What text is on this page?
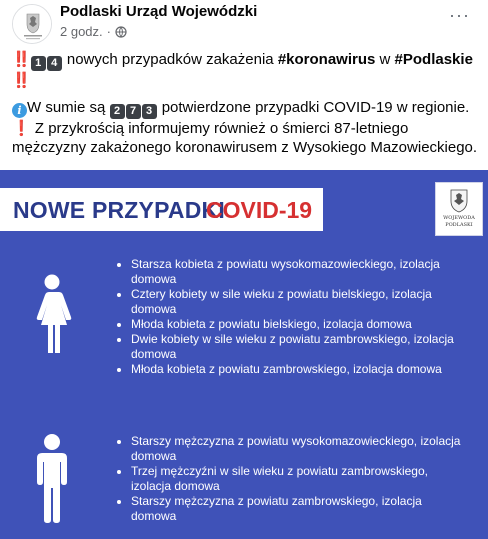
Podlaski Urząd Wojewódzki
2 godz. ·
···

‼️ 1 4 nowych przypadków zakażenia #koronawirus w #Podlaskie
‼️

i W sumie są 2 7 3 potwierdzone przypadki COVID-19 w regionie.
❗ Z przykrością informujemy również o śmierci 87-letniego mężczyzny zakażonego koronawirusem z Wysokiego Mazowieckiego.

NOWE PRZYPADKI
COVID-19	WOJEWODA
PODLASKI
Starsza kobieta z powiatu wysokomazowieckiego, izolacja domowa
Cztery kobiety w sile wieku z powiatu bielskiego, izolacja domowa
Młoda kobieta z powiatu bielskiego, izolacja domowa
Dwie kobiety w sile wieku z powiatu zambrowskiego, izolacja domowa
Młoda kobieta z powiatu zambrowskiego, izolacja domowa
Starszy mężczyzna z powiatu wysokomazowieckiego, izolacja domowa
Trzej mężczyźni w sile wieku z powiatu zambrowskiego, izolacja domowa
Starszy mężczyzna z powiatu zambrowskiego, izolacja domowa
